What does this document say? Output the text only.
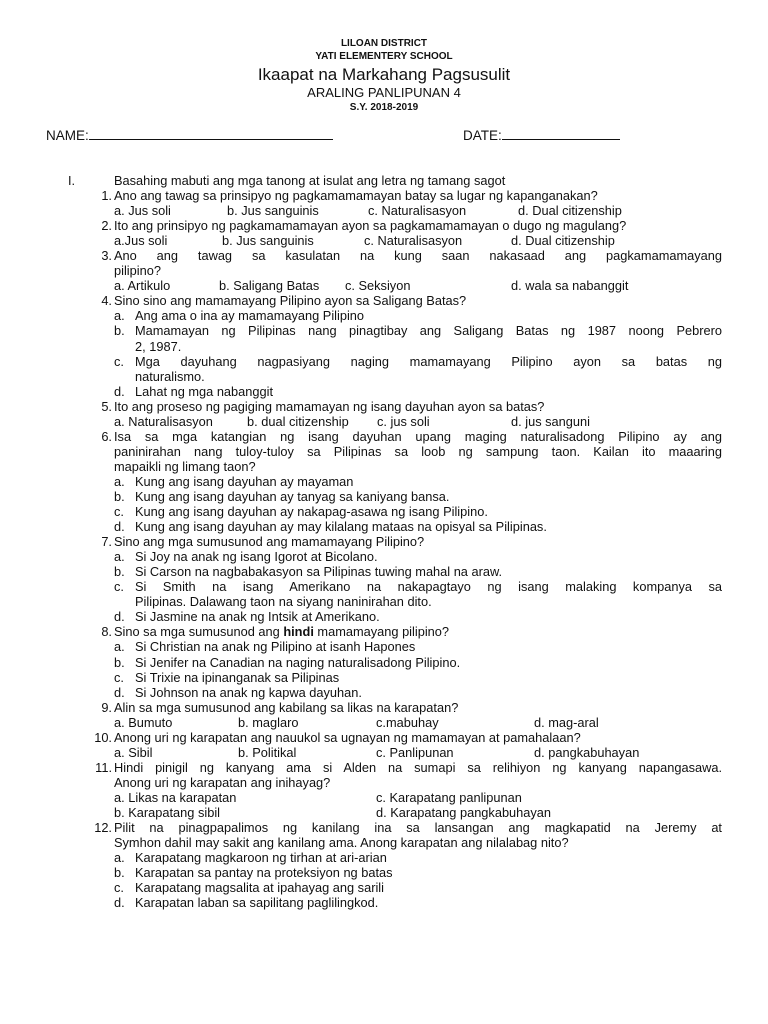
LILOAN DISTRICT
YATI ELEMENTERY SCHOOL
Ikaapat na Markahang Pagsusulit
ARALING PANLIPUNAN 4
S.Y. 2018-2019
NAME:	DATE:
I.	Basahing mabuti ang mga tanong at isulat ang letra ng tamang sagot
1. Ano ang tawag sa prinsipyo ng pagkamamamayan batay sa lugar ng kapanganakan?
a. Jus soli	b. Jus sanguinis	c. Naturalisasyon	d. Dual citizenship
2. Ito ang prinsipyo ng pagkamamamayan ayon sa pagkamamamayan o dugo ng magulang?
a.Jus soli	b. Jus sanguinis	c. Naturalisasyon	d. Dual citizenship
3. Ano ang tawag sa kasulatan na kung saan nakasaad ang pagkamamamayang
pilipino?
a. Artikulo	b. Saligang Batas c. Seksiyon	d. wala sa nabanggit
4. Sino sino ang mamamayang Pilipino ayon sa Saligang Batas?
a. Ang ama o ina ay mamamayang Pilipino
b. Mamamayan ng Pilipinas nang pinagtibay ang Saligang Batas ng 1987 noong Pebrero
2, 1987.
c. Mga dayuhang nagpasiyang naging mamamayang Pilipino ayon sa batas ng
naturalismo.
d. Lahat ng mga nabanggit
5. Ito ang proseso ng pagiging mamamayan ng isang dayuhan ayon sa batas?
a. Naturalisasyon	b. dual citizenship c. jus soli	d. jus sanguni
6. Isa sa mga katangian ng isang dayuhan upang maging naturalisadong Pilipino ay ang
paninirahan nang tuloy-tuloy sa Pilipinas sa loob ng sampung taon. Kailan ito maaaring
mapaikli ng limang taon?
a. Kung ang isang dayuhan ay mayaman
b. Kung ang isang dayuhan ay tanyag sa kaniyang bansa.
c. Kung ang isang dayuhan ay nakapag-asawa ng isang Pilipino.
d. Kung ang isang dayuhan ay may kilalang mataas na opisyal sa Pilipinas.
7. Sino ang mga sumusunod ang mamamayang Pilipino?
a. Si Joy na anak ng isang Igorot at Bicolano.
b. Si Carson na nagbabakasyon sa Pilipinas tuwing mahal na araw.
c. Si Smith na isang Amerikano na nakapagtayo ng isang malaking kompanya sa
Pilipinas. Dalawang taon na siyang naninirahan dito.
d. Si Jasmine na anak ng Intsik at Amerikano.
8. Sino sa mga sumusunod ang hindi mamamayang pilipino?
a. Si Christian na anak ng Pilipino at isanh Hapones
b. Si Jenifer na Canadian na naging naturalisadong Pilipino.
c. Si Trixie na ipinanganak sa Pilipinas
d. Si Johnson na anak ng kapwa dayuhan.
9. Alin sa mga sumusunod ang kabilang sa likas na karapatan?
a. Bumuto	b. maglaro	c.mabuhay	d. mag-aral
10. Anong uri ng karapatan ang nauukol sa ugnayan ng mamamayan at pamahalaan?
a. Sibil	b. Politikal	c. Panlipunan	d. pangkabuhayan
11. Hindi pinigil ng kanyang ama si Alden na sumapi sa relihiyon ng kanyang napangasawa.
Anong uri ng karapatan ang inihayag?
a. Likas na karapatan	c. Karapatang panlipunan
b. Karapatang sibil	d. Karapatang pangkabuhayan
12. Pilit na pinagpapalimos ng kanilang ina sa lansangan ang magkapatid na Jeremy at
Symhon dahil may sakit ang kanilang ama. Anong karapatan ang nilalabag nito?
a. Karapatang magkaroon ng tirhan at ari-arian
b. Karapatan sa pantay na proteksiyon ng batas
c. Karapatang magsalita at ipahayag ang sarili
d. Karapatan laban sa sapilitang paglilingkod.
